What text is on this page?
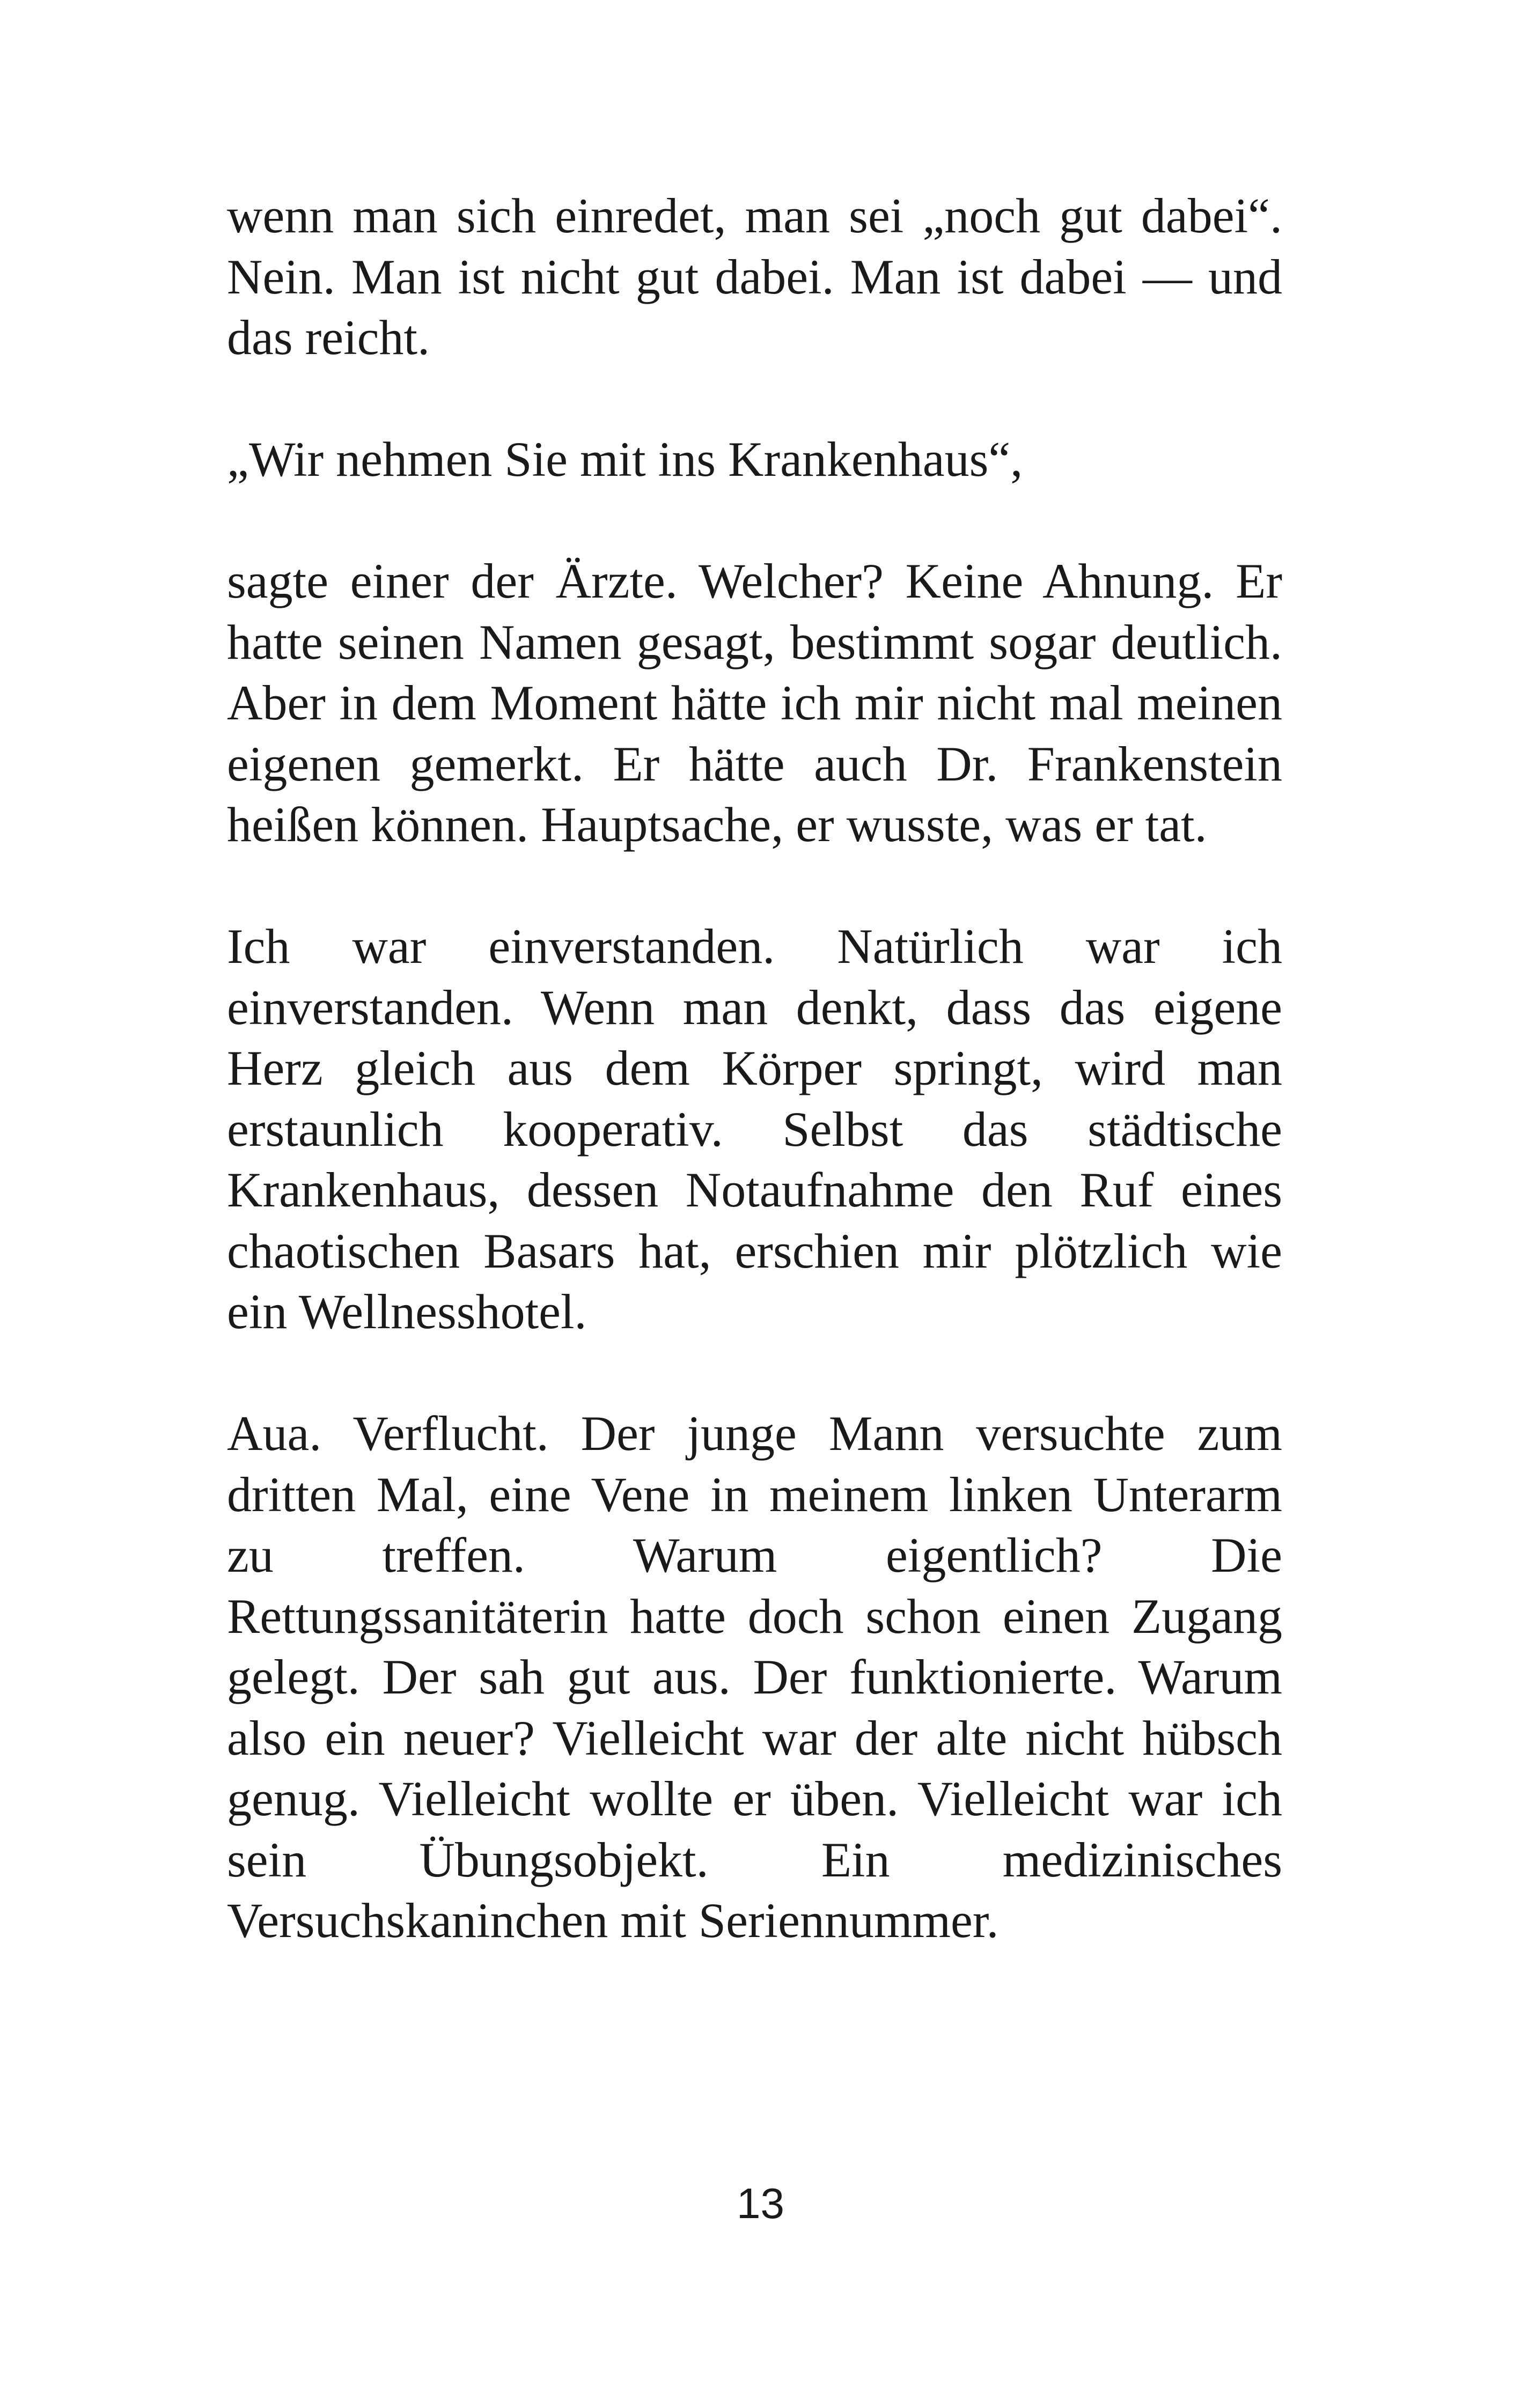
wenn man sich einredet, man sei „noch gut dabei“. Nein. Man ist nicht gut dabei. Man ist dabei — und das reicht.

„Wir nehmen Sie mit ins Krankenhaus“,

sagte einer der Ärzte. Welcher? Keine Ahnung. Er hatte seinen Namen gesagt, bestimmt sogar deutlich. Aber in dem Moment hätte ich mir nicht mal meinen eigenen gemerkt. Er hätte auch Dr. Frankenstein heißen können. Hauptsache, er wusste, was er tat.

Ich war einverstanden. Natürlich war ich einverstanden. Wenn man denkt, dass das eigene Herz gleich aus dem Körper springt, wird man erstaunlich kooperativ. Selbst das städtische Krankenhaus, dessen Notaufnahme den Ruf eines chaotischen Basars hat, erschien mir plötzlich wie ein Wellnesshotel.

Aua. Verflucht. Der junge Mann versuchte zum dritten Mal, eine Vene in meinem linken Unterarm zu treffen. Warum eigentlich? Die Rettungssanitäterin hatte doch schon einen Zugang gelegt. Der sah gut aus. Der funktionierte. Warum also ein neuer? Vielleicht war der alte nicht hübsch genug. Vielleicht wollte er üben. Vielleicht war ich sein Übungsobjekt. Ein medizinisches Versuchskaninchen mit Seriennummer.

13
